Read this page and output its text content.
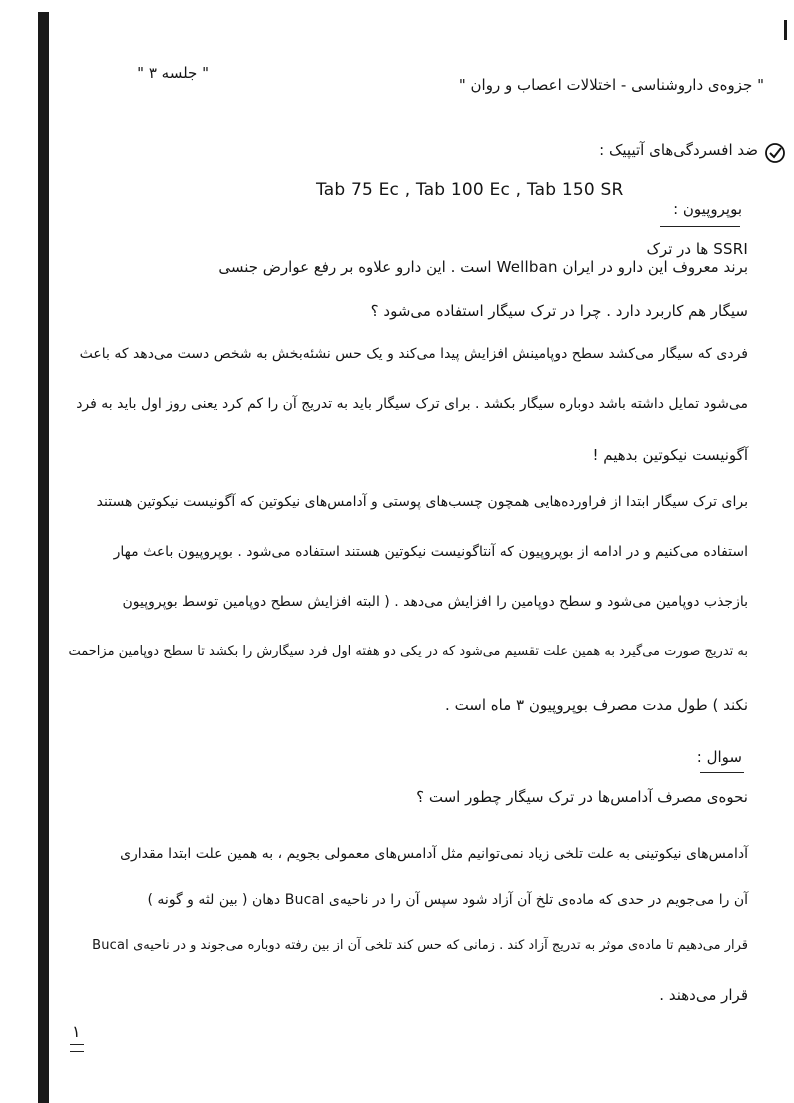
" جلسه ۳ "
" جزوه‌ی دارو‌شناسی - اختلالات اعصاب و روان "
ضد افسردگی‌های آتیپیک :
Tab 75 Ec , Tab 100 Ec , Tab 150 SR
بوپروپیون :
SSRI ها در ترک
برند معروف این دارو در ایران Wellban است . این دارو علاوه بر رفع عوارض جنسی
سیگار هم کاربرد دارد . چرا در ترک سیگار استفاده می‌شود ؟
فردی که سیگار می‌کشد سطح دوپامینش افزایش پیدا می‌کند و یک حس نشئه‌بخش به شخص دست می‌دهد که باعث
می‌شود تمایل داشته باشد دوباره سیگار بکشد . برای ترک سیگار باید به تدریج آن را کم کرد یعنی روز اول باید به فرد
آگونیست نیکوتین بدهیم !
برای ترک سیگار ابتدا از فراورده‌هایی همچون چسب‌های پوستی و آدامس‌های نیکوتین که آگونیست نیکوتین هستند
استفاده می‌کنیم و در ادامه از بوپروپیون که آنتاگونیست نیکوتین هستند استفاده می‌شود . بوپروپیون باعث مهار
بازجذب دوپامین می‌شود و سطح دوپامین را افزایش می‌دهد . ( البته افزایش سطح دوپامین توسط بوپروپیون
به تدریج صورت می‌گیرد به همین علت تقسیم می‌شود که در یکی دو هفته اول فرد سیگارش را بکشد تا سطح دوپامین مزاحمت
نکند ) طول مدت مصرف بوپروپیون ۳ ماه است .
سوال :
نحوه‌ی مصرف آدامس‌ها در ترک سیگار چطور است ؟
آدامس‌های نیکوتینی به علت تلخی زیاد نمی‌توانیم مثل آدامس‌های معمولی بجویم ، به همین علت ابتدا مقداری
آن را می‌جویم در حدی که ماده‌ی تلخ آن آزاد شود سپس آن را در ناحیه‌ی Bucal دهان ( بین لثه و گونه )
قرار می‌دهیم تا ماده‌ی موثر به تدریج آزاد کند . زمانی که حس کند تلخی آن از بین رفته دوباره می‌جوند و در ناحیه‌ی Bucal
قرار می‌دهند .
۱
